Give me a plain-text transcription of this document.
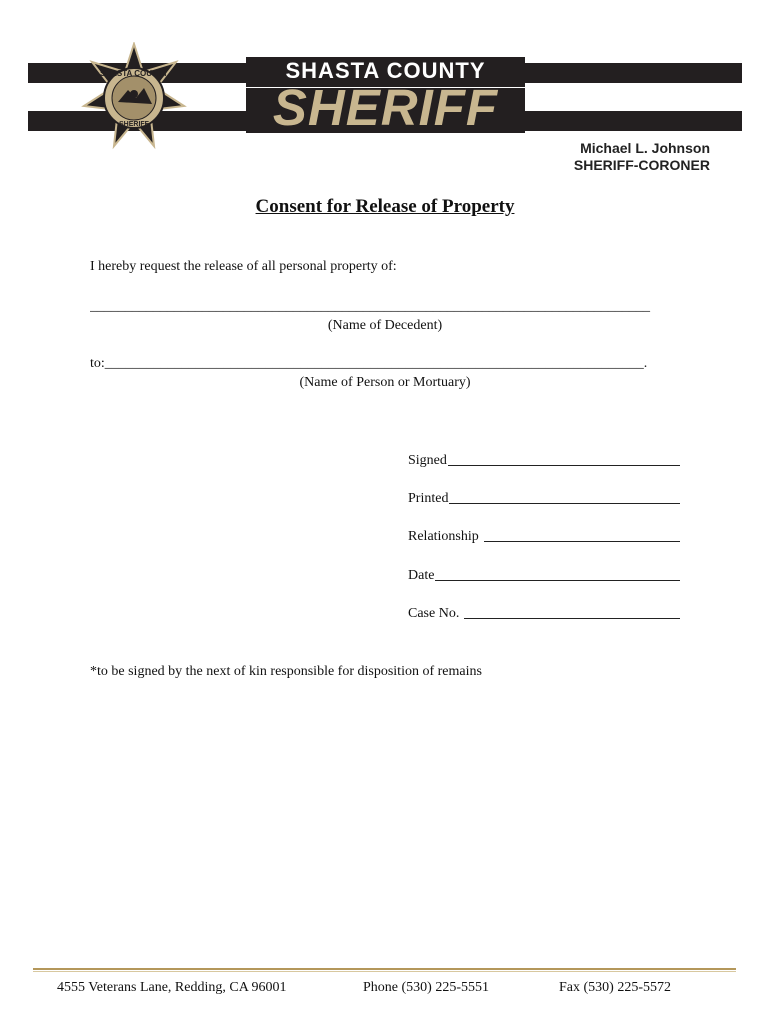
SHASTA COUNTY
SHERIFF
SHASTA COUNTY
SHERIFF
Michael L. Johnson
SHERIFF-CORONER
Consent for Release of Property
I hereby request the release of all personal property of:
________________________________________________________________________________
(Name of Decedent)
to:_____________________________________________________________________________.
(Name of Person or Mortuary)
Signed
Printed
Relationship
Date
Case No.
*to be signed by the next of kin responsible for disposition of remains
4555 Veterans Lane, Redding, CA 96001	Phone (530) 225-5551	Fax (530) 225-5572
